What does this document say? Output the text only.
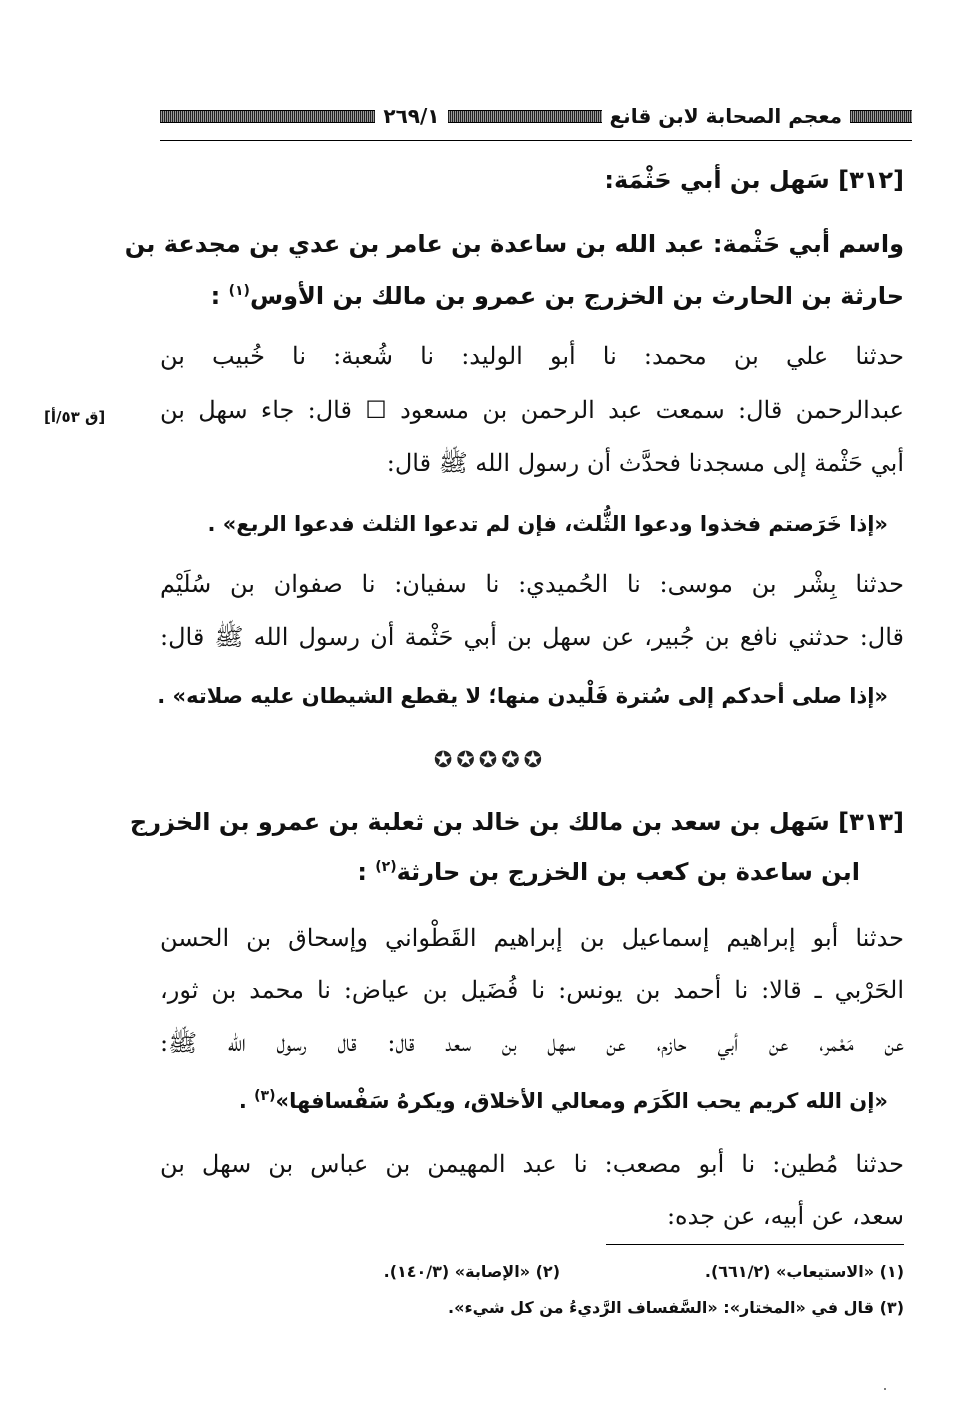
معجم الصحابة لابن قانع
٢٦٩/١
[٣١٢] سَهل بن أبي حَثْمَة:
واسم أبي حَثْمة: عبد الله بن ساعدة بن عامر بن عدي بن مجدعة بن
حارثة بن الحارث بن الخزرج بن عمرو بن مالك بن الأوس$^{(١)}$ :
حدثنا علي بن محمد: نا أبو الوليد: نا شُعبة: نا خُبيب بن
عبدالرحمن قال: سمعت عبد الرحمن بن مسعود ☐ قال: جاء سهل بن
أبي حَثْمة إلى مسجدنا فحدَّث أن رسول الله ﷺ قال:
«إذا خَرَصتم فخذوا ودعوا الثُّلث، فإن لم تدعوا الثلث فدعوا الربع» .
حدثنا بِشْر بن موسى: نا الحُميدي: نا سفيان: نا صفوان بن سُلَيْم
قال: حدثني نافع بن جُبير، عن سهل بن أبي حَثْمة أن رسول الله ﷺ قال:
«إذا صلى أحدكم إلى سُترة فَلْيدن منها؛ لا يقطع الشيطان عليه صلاته» .
[ق ٥٣/أ]
✪✪✪✪✪
[٣١٣] سَهل بن سعد بن مالك بن خالد بن ثعلبة بن عمرو بن الخزرج
ابن ساعدة بن كعب بن الخزرج بن حارثة$^{(٢)}$ :
حدثنا أبو إبراهيم إسماعيل بن إبراهيم القَطْواني وإسحاق بن الحسن
الحَرْبي ـ قالا: نا أحمد بن يونس: نا فُضَيل بن عياض: نا محمد بن ثور،
عن مَعْمر، عن أبي حازم، عن سهل بن سعد قال: قال رسول الله ﷺ:
«إن الله كريم يحب الكَرَم ومعالي الأخلاق، ويكرهُ سَفْسافها»$^{(٣)}$ .
حدثنا مُطين: نا أبو مصعب: نا عبد المهيمن بن عباس بن سهل بن
سعد، عن أبيه، عن جده:
(١) «الاستيعاب» (٦٦١/٢).
(٢) «الإصابة» (١٤٠/٣).
(٣) قال في «المختار»: «السَّفساف الرَّديءُ من كل شيء».
